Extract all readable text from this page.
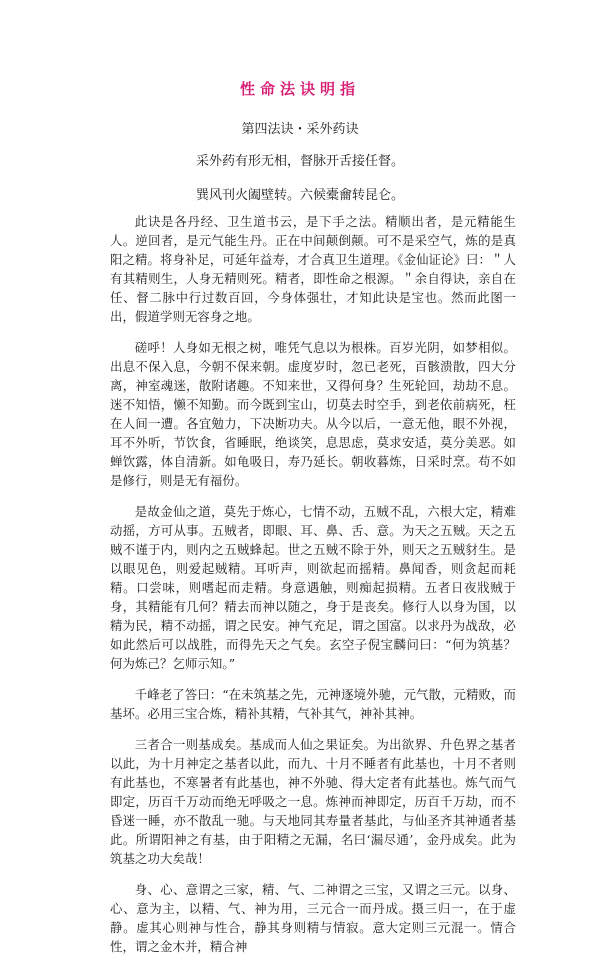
性命法诀明指
第四法诀・采外药诀
采外药有形无相，督脉开舌接任督。
巽风刊火阖壁转。六候橐龠转昆仑。

此诀是各丹经、卫生道书云，是下手之法。精顺出者，是元精能生人。逆回者，是元气能生丹。正在中间颠倒颠。可不是采空气，炼的是真阳之精。将身补足，可延年益寿，才合真卫生道理。《金仙证论》曰：＂人有其精则生，人身无精则死。精者，即性命之根源。＂余自得诀，亲自在任、督二脉中行过数百回，今身体强壮，才知此诀是宝也。然而此图一出，假道学则无容身之地。

磋呼！人身如无根之树，唯凭气息以为根株。百岁光阴，如梦相似。出息不保入息，今朝不保来朝。虚度岁时，忽已老死，百骸溃散，四大分离，神室魂迷，散附诸趣。不知来世，又得何身？生死轮回，劫劫不息。迷不知悟，懒不知勤。而今既到宝山，切莫去时空手，到老依前病死，枉在人间一遭。各宜勉力，下决断功夫。从今以后，一意无他，眼不外视，耳不外听，节饮食，省睡眠，绝谈笑，息思虑，莫求安适，莫分美恶。如蝉饮露，体自清新。如龟吸日，寿乃延长。朝收暮炼，日采时烹。苟不如是修行，则是无有福份。

是故金仙之道，莫先于炼心，七情不动，五贼不乱，六根大定，精难动摇，方可从事。五贼者，即眼、耳、鼻、舌、意。为天之五贼。天之五贼不谨于内，则内之五贼蜂起。世之五贼不除于外，则天之五贼豺生。是以眼见色，则爱起贼精。耳听声，则欲起而摇精。鼻闻香，则贪起而耗精。口尝味，则嗜起而走精。身意遇触，则痴起损精。五者日夜戕贼于身，其精能有几何？精去而神以随之，身于是丧矣。修行人以身为国，以精为民，精不动摇，谓之民安。神气充足，谓之国富。以求丹为战敌，必如此然后可以战胜，而得先天之气矣。玄空子倪宝麟问曰：“何为筑基？何为炼己？乞师示知。”

千峰老了答曰：“在未筑基之先，元神逐境外驰，元气散，元精败，而基坏。必用三宝合炼，精补其精，气补其气，神补其神。

三者合一则基成矣。基成而人仙之果证矣。为出欲界、升色界之基者以此，为十月神定之基者以此，而九、十月不睡者有此基也，十月不者则有此基也，不寒暑者有此基也，神不外驰、得大定者有此基也。炼气而气即定，历百千万动而绝无呼吸之一息。炼神而神即定，历百千万劫，而不昏迷一睡，亦不散乱一驰。与天地同其寿量者基此，与仙圣齐其神通者基此。所谓阳神之有基，由于阳精之无漏，名曰‘漏尽通’，金丹成矣。此为筑基之功大矣哉！

身、心、意谓之三家，精、气、二神谓之三宝，又谓之三元。以身、心、意为主，以精、气、神为用，三元合一而丹成。摄三归一，在于虚静。虚其心则神与性合，静其身则精与情寂。意大定则三元混一。情合性，谓之金木并，精合神
